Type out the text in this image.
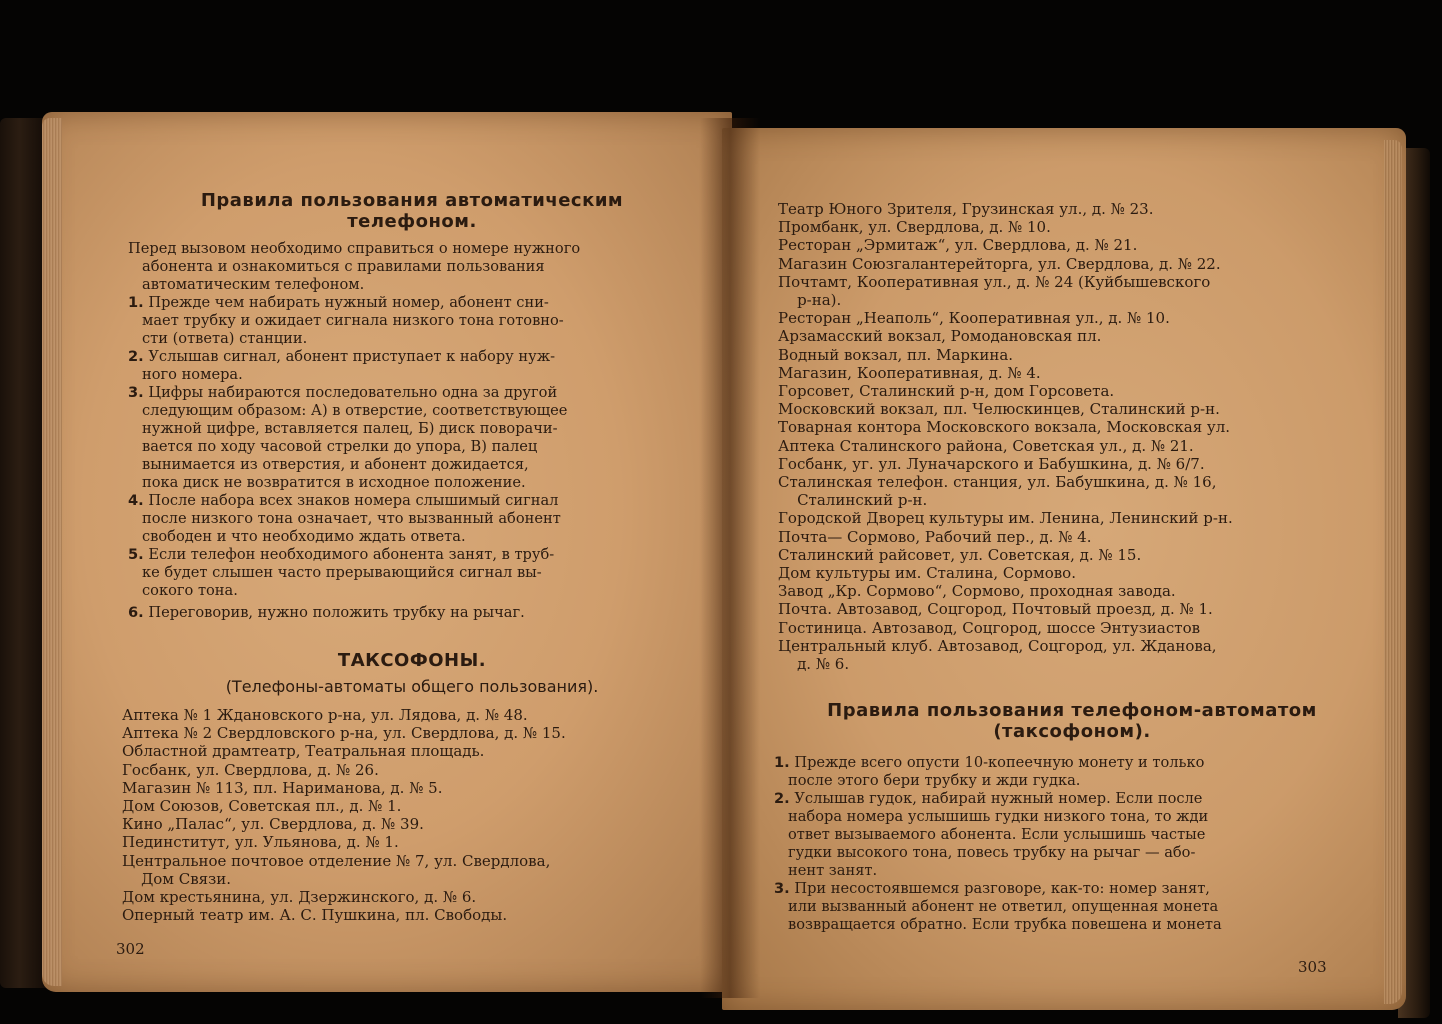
Правила пользования автоматическим
телефоном.
Перед вызовом необходимо справиться о номере нужного
абонента и ознакомиться с правилами пользования
автоматическим телефоном.
1. Прежде чем набирать нужный номер, абонент сни-
мает трубку и ожидает сигнала низкого тона готовно-
сти (ответа) станции.
2. Услышав сигнал, абонент приступает к набору нуж-
ного номера.
3. Цифры набираются последовательно одна за другой
следующим образом: А) в отверстие, соответствующее
нужной цифре, вставляется палец, Б) диск поворачи-
вается по ходу часовой стрелки до упора, В) палец
вынимается из отверстия, и абонент дожидается,
пока диск не возвратится в исходное положение.
4. После набора всех знаков номера слышимый сигнал
после низкого тона означает, что вызванный абонент
свободен и что необходимо ждать ответа.
5. Если телефон необходимого абонента занят, в труб-
ке будет слышен часто прерывающийся сигнал вы-
сокого тона.
6. Переговорив, нужно положить трубку на рычаг.
ТАКСОФОНЫ.
(Телефоны-автоматы общего пользования).
Аптека № 1 Ждановского р-на, ул. Лядова, д. № 48.
Аптека № 2 Свердловского р-на, ул. Свердлова, д. № 15.
Областной драмтеатр, Театральная площадь.
Госбанк, ул. Свердлова, д. № 26.
Магазин № 113, пл. Нариманова, д. № 5.
Дом Союзов, Советская пл., д. № 1.
Кино „Палас“, ул. Свердлова, д. № 39.
Пединститут, ул. Ульянова, д. № 1.
Центральное почтовое отделение № 7, ул. Свердлова,
Дом Связи.
Дом крестьянина, ул. Дзержинского, д. № 6.
Оперный театр им. А. С. Пушкина, пл. Свободы.
302
Театр Юного Зрителя, Грузинская ул., д. № 23.
Промбанк, ул. Свердлова, д. № 10.
Ресторан „Эрмитаж“, ул. Свердлова, д. № 21.
Магазин Союзгалантерейторга, ул. Свердлова, д. № 22.
Почтамт, Кооперативная ул., д. № 24 (Куйбышевского
р-на).
Ресторан „Неаполь“, Кооперативная ул., д. № 10.
Арзамасский вокзал, Ромодановская пл.
Водный вокзал, пл. Маркина.
Магазин, Кооперативная, д. № 4.
Горсовет, Сталинский р-н, дом Горсовета.
Московский вокзал, пл. Челюскинцев, Сталинский р-н.
Товарная контора Московского вокзала, Московская ул.
Аптека Сталинского района, Советская ул., д. № 21.
Госбанк, уг. ул. Луначарского и Бабушкина, д. № 6/7.
Сталинская телефон. станция, ул. Бабушкина, д. № 16,
Сталинский р-н.
Городской Дворец культуры им. Ленина, Ленинский р-н.
Почта— Сормово, Рабочий пер., д. № 4.
Сталинский райсовет, ул. Советская, д. № 15.
Дом культуры им. Сталина, Сормово.
Завод „Кр. Сормово“, Сормово, проходная завода.
Почта. Автозавод, Соцгород, Почтовый проезд, д. № 1.
Гостиница. Автозавод, Соцгород, шоссе Энтузиастов
Центральный клуб. Автозавод, Соцгород, ул. Жданова,
д. № 6.
Правила пользования телефоном-автоматом
(таксофоном).
1. Прежде всего опусти 10-копеечную монету и только
после этого бери трубку и жди гудка.
2. Услышав гудок, набирай нужный номер. Если после
набора номера услышишь гудки низкого тона, то жди
ответ вызываемого абонента. Если услышишь частые
гудки высокого тона, повесь трубку на рычаг — або-
нент занят.
3. При несостоявшемся разговоре, как-то: номер занят,
или вызванный абонент не ответил, опущенная монета
возвращается обратно. Если трубка повешена и монета
303
